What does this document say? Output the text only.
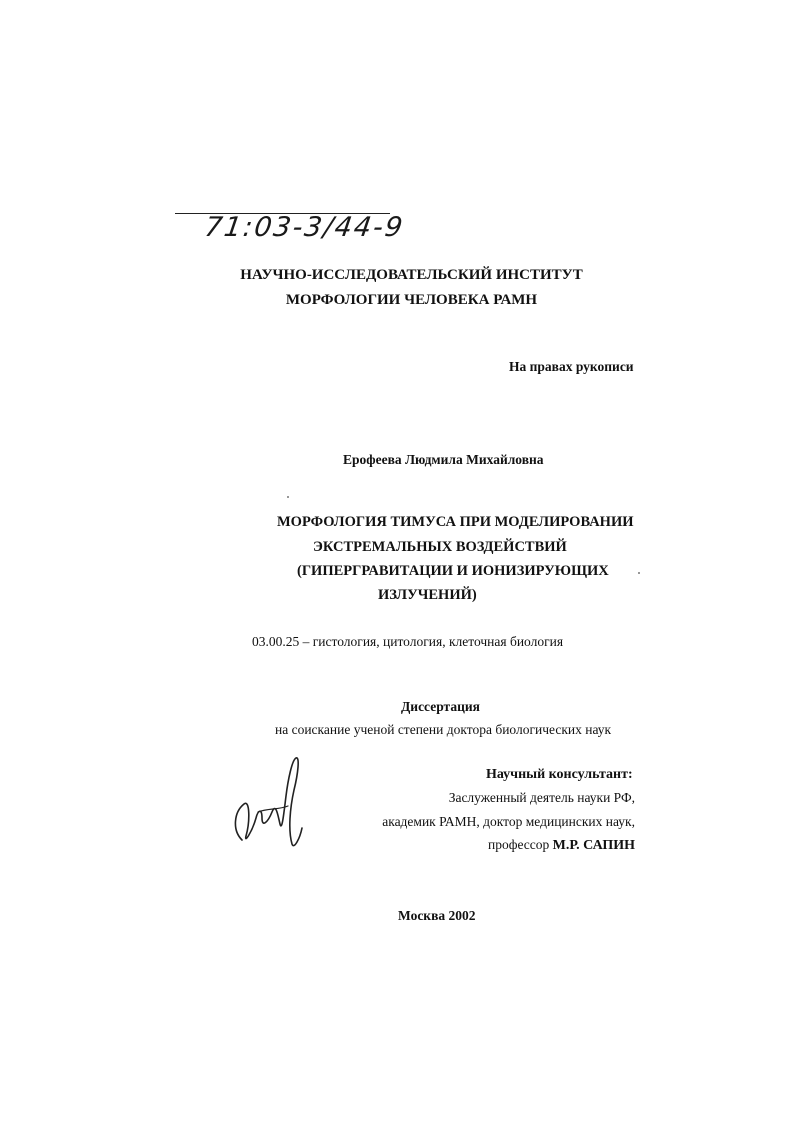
71:03-3/44-9
НАУЧНО-ИССЛЕДОВАТЕЛЬСКИЙ ИНСТИТУТ
МОРФОЛОГИИ ЧЕЛОВЕКА РАМН
На правах рукописи
Ерофеева Людмила Михайловна
МОРФОЛОГИЯ ТИМУСА ПРИ МОДЕЛИРОВАНИИ
ЭКСТРЕМАЛЬНЫХ ВОЗДЕЙСТВИЙ
(ГИПЕРГРАВИТАЦИИ И ИОНИЗИРУЮЩИХ
ИЗЛУЧЕНИЙ)
03.00.25 – гистология, цитология, клеточная биология
Диссертация
на соискание ученой степени доктора биологических наук
Научный консультант:
Заслуженный деятель науки РФ,
академик РАМН, доктор медицинских наук,
профессор М.Р. САПИН
Москва 2002
